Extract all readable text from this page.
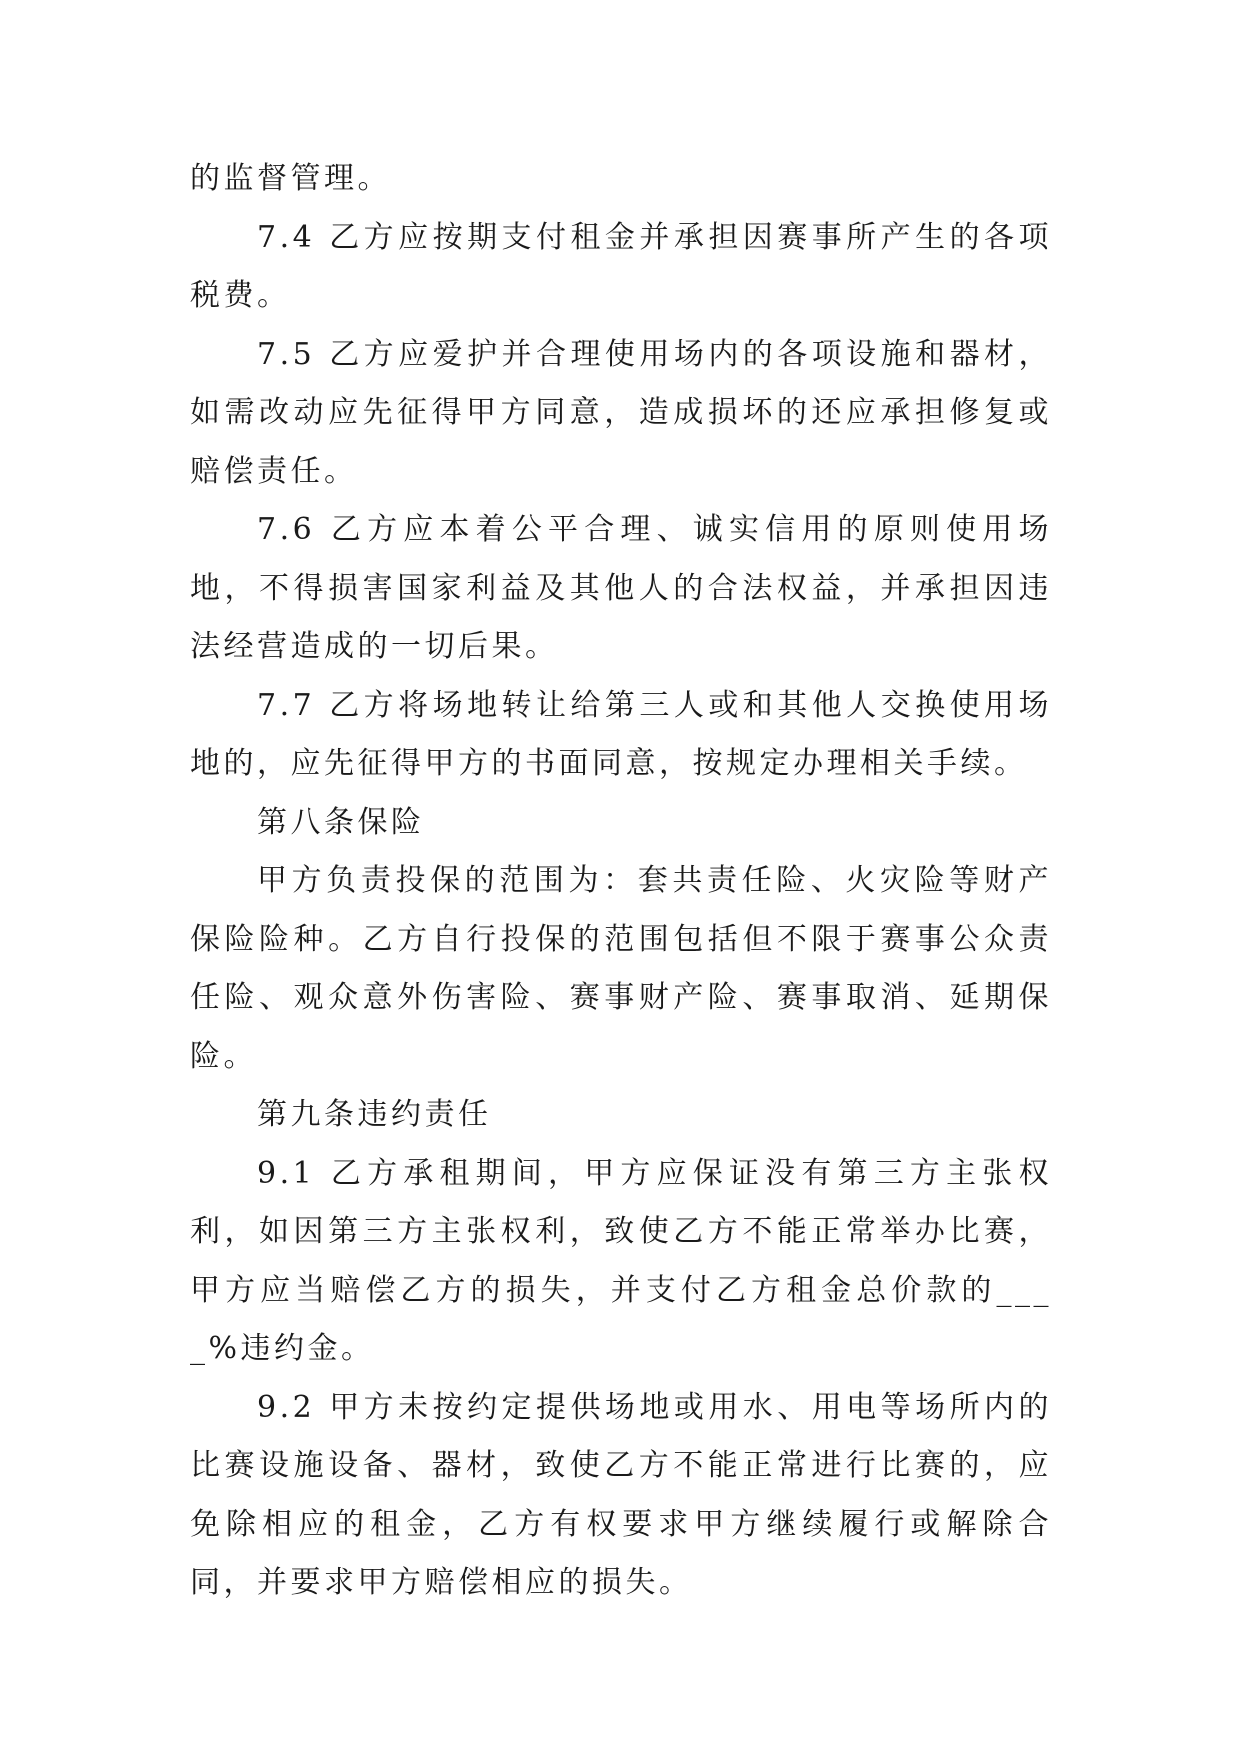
的监督管理。

7.4 乙方应按期支付租金并承担因赛事所产生的各项税费。

7.5 乙方应爱护并合理使用场内的各项设施和器材，如需改动应先征得甲方同意，造成损坏的还应承担修复或赔偿责任。

7.6 乙方应本着公平合理、诚实信用的原则使用场地，不得损害国家利益及其他人的合法权益，并承担因违法经营造成的一切后果。

7.7 乙方将场地转让给第三人或和其他人交换使用场地的，应先征得甲方的书面同意，按规定办理相关手续。

第八条保险

甲方负责投保的范围为：套共责任险、火灾险等财产保险险种。乙方自行投保的范围包括但不限于赛事公众责任险、观众意外伤害险、赛事财产险、赛事取消、延期保险。

第九条违约责任

9.1 乙方承租期间，甲方应保证没有第三方主张权利，如因第三方主张权利，致使乙方不能正常举办比赛，甲方应当赔偿乙方的损失，并支付乙方租金总价款的____%违约金。

9.2 甲方未按约定提供场地或用水、用电等场所内的比赛设施设备、器材，致使乙方不能正常进行比赛的，应免除相应的租金，乙方有权要求甲方继续履行或解除合同，并要求甲方赔偿相应的损失。
